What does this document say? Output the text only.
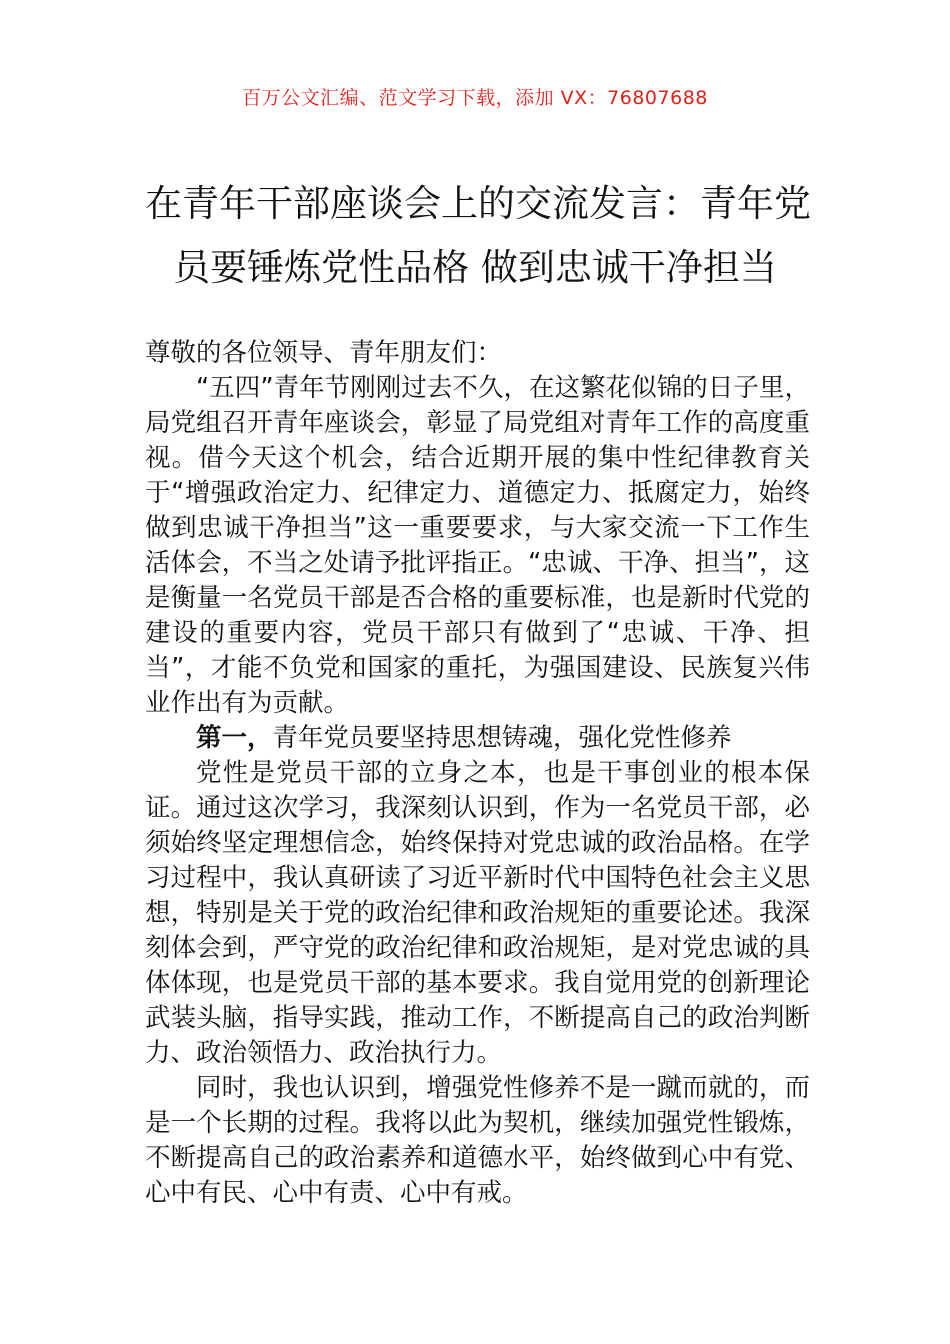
百万公文汇编、范文学习下载，添加 VX：76807688
在青年干部座谈会上的交流发言：青年党
员要锤炼党性品格 做到忠诚干净担当

尊敬的各位领导、青年朋友们：

“五四”青年节刚刚过去不久，在这繁花似锦的日子里，局党组召开青年座谈会，彰显了局党组对青年工作的高度重视。借今天这个机会，结合近期开展的集中性纪律教育关于“增强政治定力、纪律定力、道德定力、抵腐定力，始终做到忠诚干净担当”这一重要要求，与大家交流一下工作生活体会，不当之处请予批评指正。“忠诚、干净、担当”，这是衡量一名党员干部是否合格的重要标准，也是新时代党的建设的重要内容，党员干部只有做到了“忠诚、干净、担当”，才能不负党和国家的重托，为强国建设、民族复兴伟业作出有为贡献。

第一，青年党员要坚持思想铸魂，强化党性修养

党性是党员干部的立身之本，也是干事创业的根本保证。通过这次学习，我深刻认识到，作为一名党员干部，必须始终坚定理想信念，始终保持对党忠诚的政治品格。在学习过程中，我认真研读了习近平新时代中国特色社会主义思想，特别是关于党的政治纪律和政治规矩的重要论述。我深刻体会到，严守党的政治纪律和政治规矩，是对党忠诚的具体体现，也是党员干部的基本要求。我自觉用党的创新理论武装头脑，指导实践，推动工作，不断提高自己的政治判断力、政治领悟力、政治执行力。

同时，我也认识到，增强党性修养不是一蹴而就的，而是一个长期的过程。我将以此为契机，继续加强党性锻炼，不断提高自己的政治素养和道德水平，始终做到心中有党、心中有民、心中有责、心中有戒。
